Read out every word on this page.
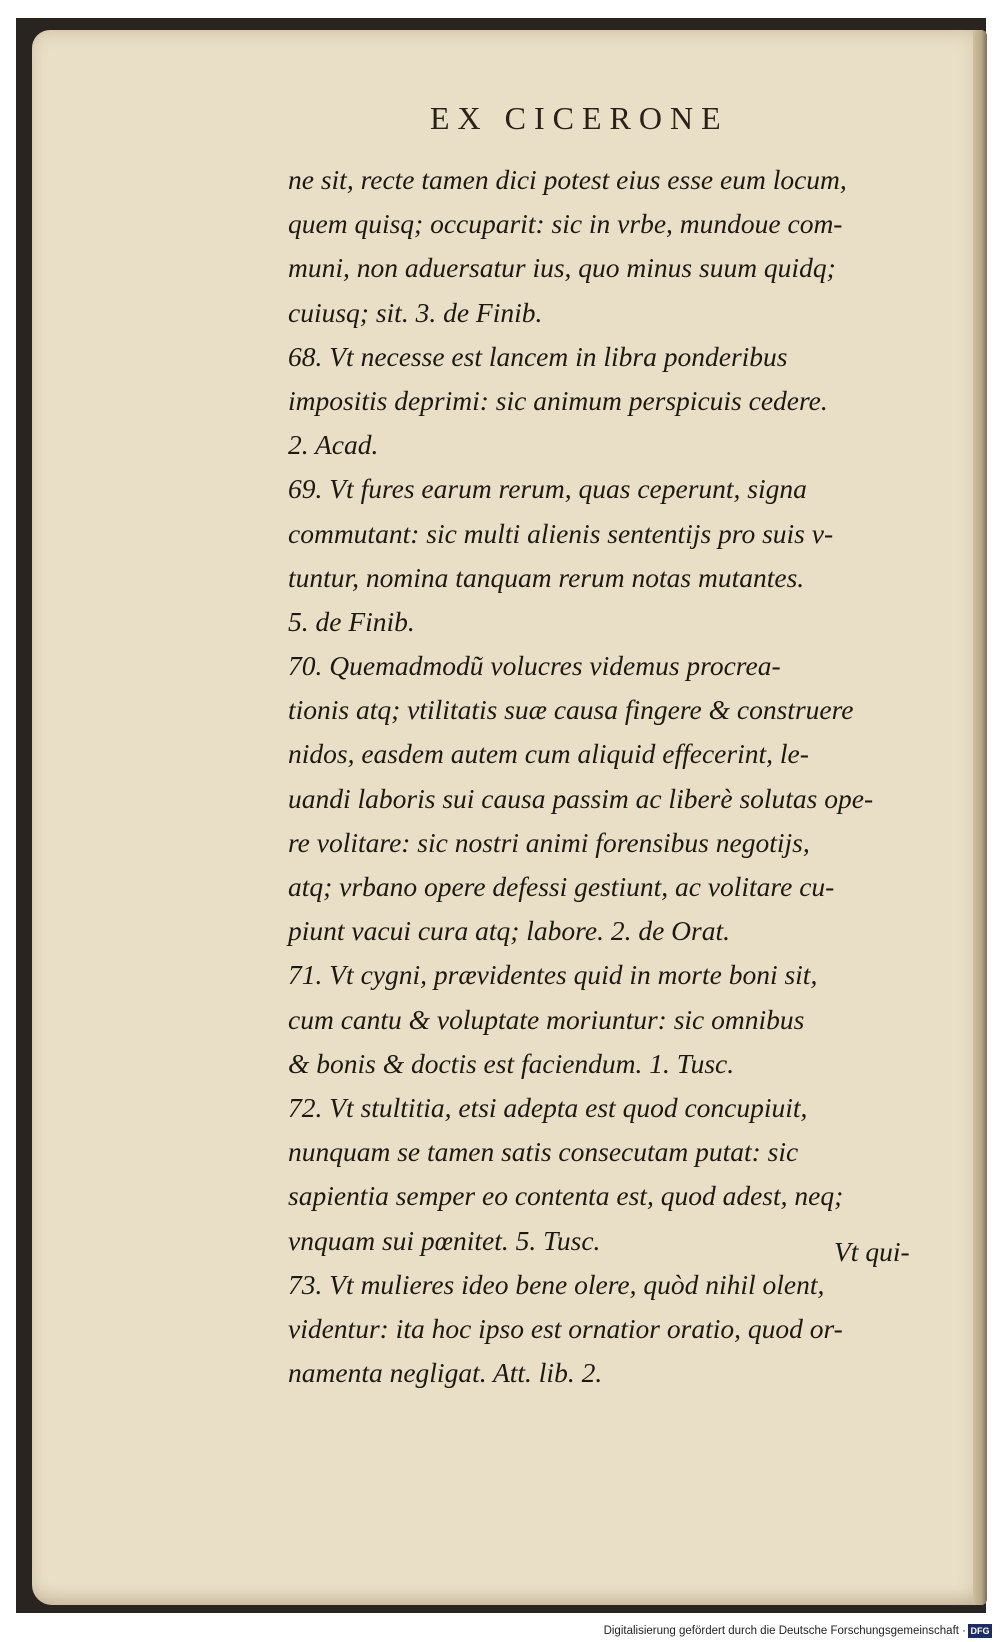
EX CICERONE
ne sit, recte tamen dici potest eius esse eum locum,
quem quisq; occuparit: sic in vrbe, mundoue com-
muni, non aduersatur ius, quo minus suum quidq;
cuiusq; sit. 3. de Finib.
68. Vt necesse est lancem in libra ponderibus
impositis deprimi: sic animum perspicuis cedere.
2. Acad.
69. Vt fures earum rerum, quas ceperunt, signa
commutant: sic multi alienis sententijs pro suis v-
tuntur, nomina tanquam rerum notas mutantes.
5. de Finib.
70. Quemadmodũ volucres videmus procrea-
tionis atq; vtilitatis suæ causa fingere & construere
nidos, easdem autem cum aliquid effecerint, le-
uandi laboris sui causa passim ac liberè solutas ope-
re volitare: sic nostri animi forensibus negotijs,
atq; vrbano opere defessi gestiunt, ac volitare cu-
piunt vacui cura atq; labore. 2. de Orat.
71. Vt cygni, prævidentes quid in morte boni sit,
cum cantu & voluptate moriuntur: sic omnibus
& bonis & doctis est faciendum. 1. Tusc.
72. Vt stultitia, etsi adepta est quod concupiuit,
nunquam se tamen satis consecutam putat: sic
sapientia semper eo contenta est, quod adest, neq;
vnquam sui pœnitet. 5. Tusc.
73. Vt mulieres ideo bene olere, quòd nihil olent,
videntur: ita hoc ipso est ornatior oratio, quod or-
namenta negligat. Att. lib. 2.
Vt qui-
Digitalisierung gefördert durch die Deutsche Forschungsgemeinschaft · DFG
